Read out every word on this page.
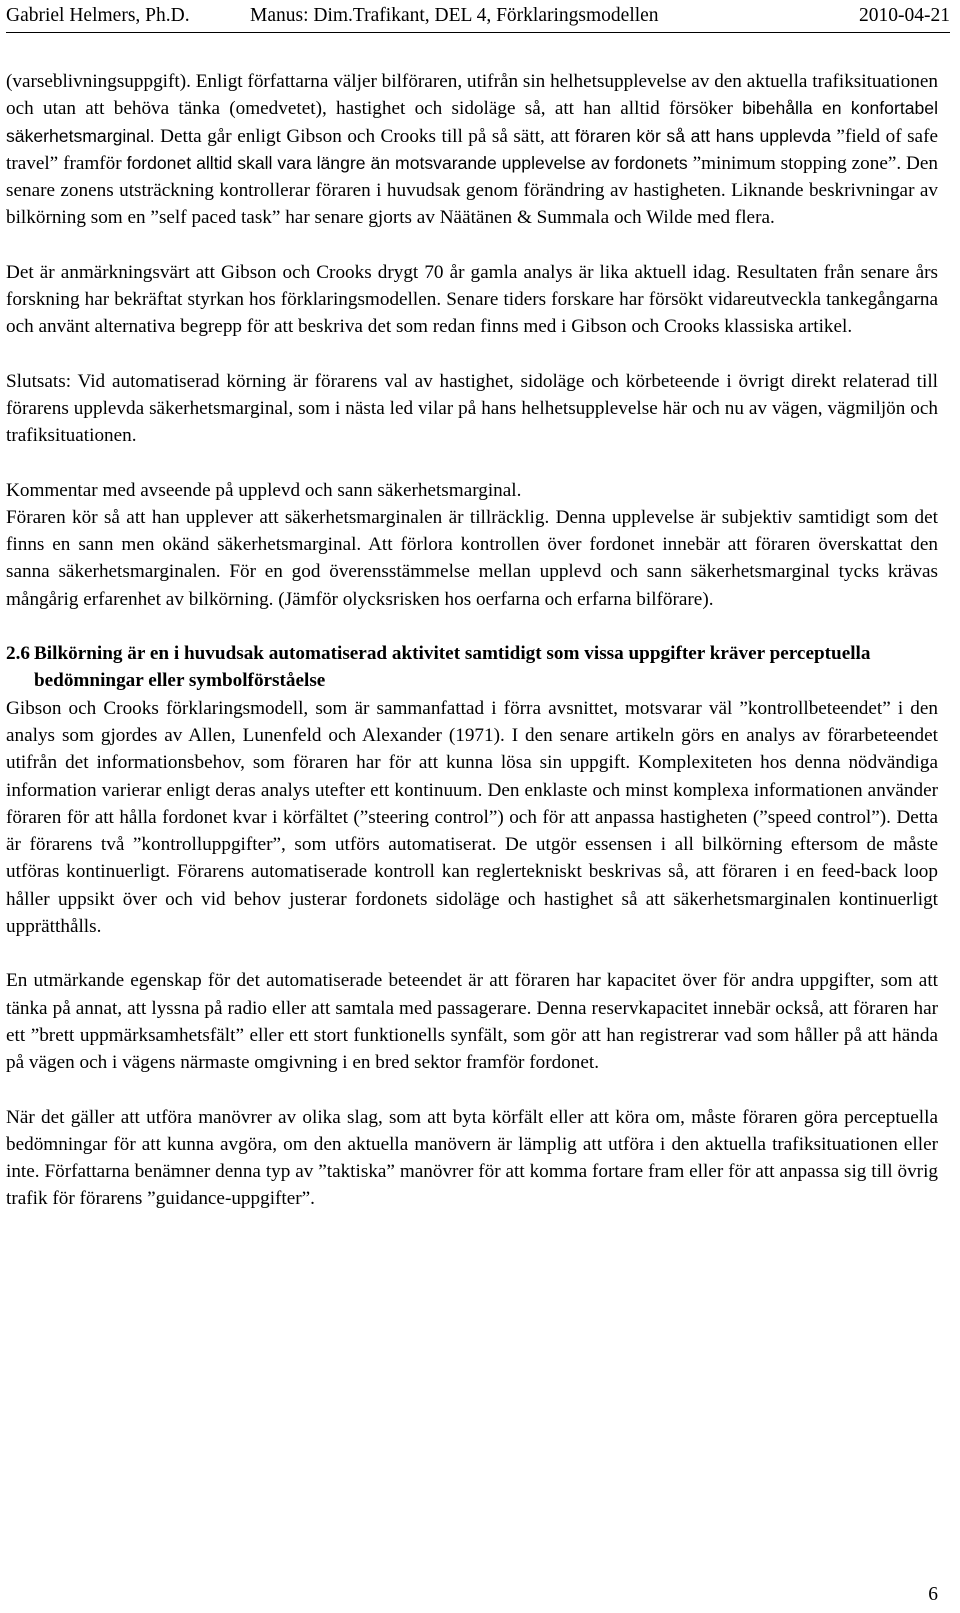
Gabriel Helmers, Ph.D.	Manus: Dim.Trafikant, DEL 4, Förklaringsmodellen	2010-04-21

(varseblivningsuppgift). Enligt författarna väljer bilföraren, utifrån sin helhetsupplevelse av den aktuella trafiksituationen och utan att behöva tänka (omedvetet), hastighet och sidoläge så, att han alltid försöker bibehålla en konfortabel säkerhetsmarginal. Detta går enligt Gibson och Crooks till på så sätt, att föraren kör så att hans upplevda ”field of safe travel” framför fordonet alltid skall vara längre än motsvarande upplevelse av fordonets ”minimum stopping zone”. Den senare zonens utsträckning kontrollerar föraren i huvudsak genom förändring av hastigheten. Liknande beskrivningar av bilkörning som en ”self paced task” har senare gjorts av Näätänen & Summala och Wilde med flera.

Det är anmärkningsvärt att Gibson och Crooks drygt 70 år gamla analys är lika aktuell idag. Resultaten från senare års forskning har bekräftat styrkan hos förklaringsmodellen. Senare tiders forskare har försökt vidareutveckla tankegångarna och använt alternativa begrepp för att beskriva det som redan finns med i Gibson och Crooks klassiska artikel.

Slutsats: Vid automatiserad körning är förarens val av hastighet, sidoläge och körbeteende i övrigt direkt relaterad till förarens upplevda säkerhetsmarginal, som i nästa led vilar på hans helhetsupplevelse här och nu av vägen, vägmiljön och trafiksituationen.

Kommentar med avseende på upplevd och sann säkerhetsmarginal.

Föraren kör så att han upplever att säkerhetsmarginalen är tillräcklig. Denna upplevelse är subjektiv samtidigt som det finns en sann men okänd säkerhetsmarginal. Att förlora kontrollen över fordonet innebär att föraren överskattat den sanna säkerhetsmarginalen. För en god överensstämmelse mellan upplevd och sann säkerhetsmarginal tycks krävas mångårig erfarenhet av bilkörning. (Jämför olycksrisken hos oerfarna och erfarna bilförare).

2.6 Bilkörning är en i huvudsak automatiserad aktivitet samtidigt som vissa uppgifter kräver perceptuella bedömningar eller symbolförståelse

Gibson och Crooks förklaringsmodell, som är sammanfattad i förra avsnittet, motsvarar väl ”kontrollbeteendet” i den analys som gjordes av Allen, Lunenfeld och Alexander (1971). I den senare artikeln görs en analys av förarbeteendet utifrån det informationsbehov, som föraren har för att kunna lösa sin uppgift. Komplexiteten hos denna nödvändiga information varierar enligt deras analys utefter ett kontinuum. Den enklaste och minst komplexa informationen använder föraren för att hålla fordonet kvar i körfältet (”steering control”) och för att anpassa hastigheten (”speed control”). Detta är förarens två ”kontrolluppgifter”, som utförs automatiserat. De utgör essensen i all bilkörning eftersom de måste utföras kontinuerligt. Förarens automatiserade kontroll kan reglertekniskt beskrivas så, att föraren i en feed-back loop håller uppsikt över och vid behov justerar fordonets sidoläge och hastighet så att säkerhetsmarginalen kontinuerligt upprätthålls.

En utmärkande egenskap för det automatiserade beteendet är att föraren har kapacitet över för andra uppgifter, som att tänka på annat, att lyssna på radio eller att samtala med passagerare. Denna reservkapacitet innebär också, att föraren har ett ”brett uppmärksamhetsfält” eller ett stort funktionells synfält, som gör att han registrerar vad som håller på att hända på vägen och i vägens närmaste omgivning i en bred sektor framför fordonet.

När det gäller att utföra manövrer av olika slag, som att byta körfält eller att köra om, måste föraren göra perceptuella bedömningar för att kunna avgöra, om den aktuella manövern är lämplig att utföra i den aktuella trafiksituationen eller inte. Författarna benämner denna typ av ”taktiska” manövrer för att komma fortare fram eller för att anpassa sig till övrig trafik för förarens ”guidance-uppgifter”.

6
